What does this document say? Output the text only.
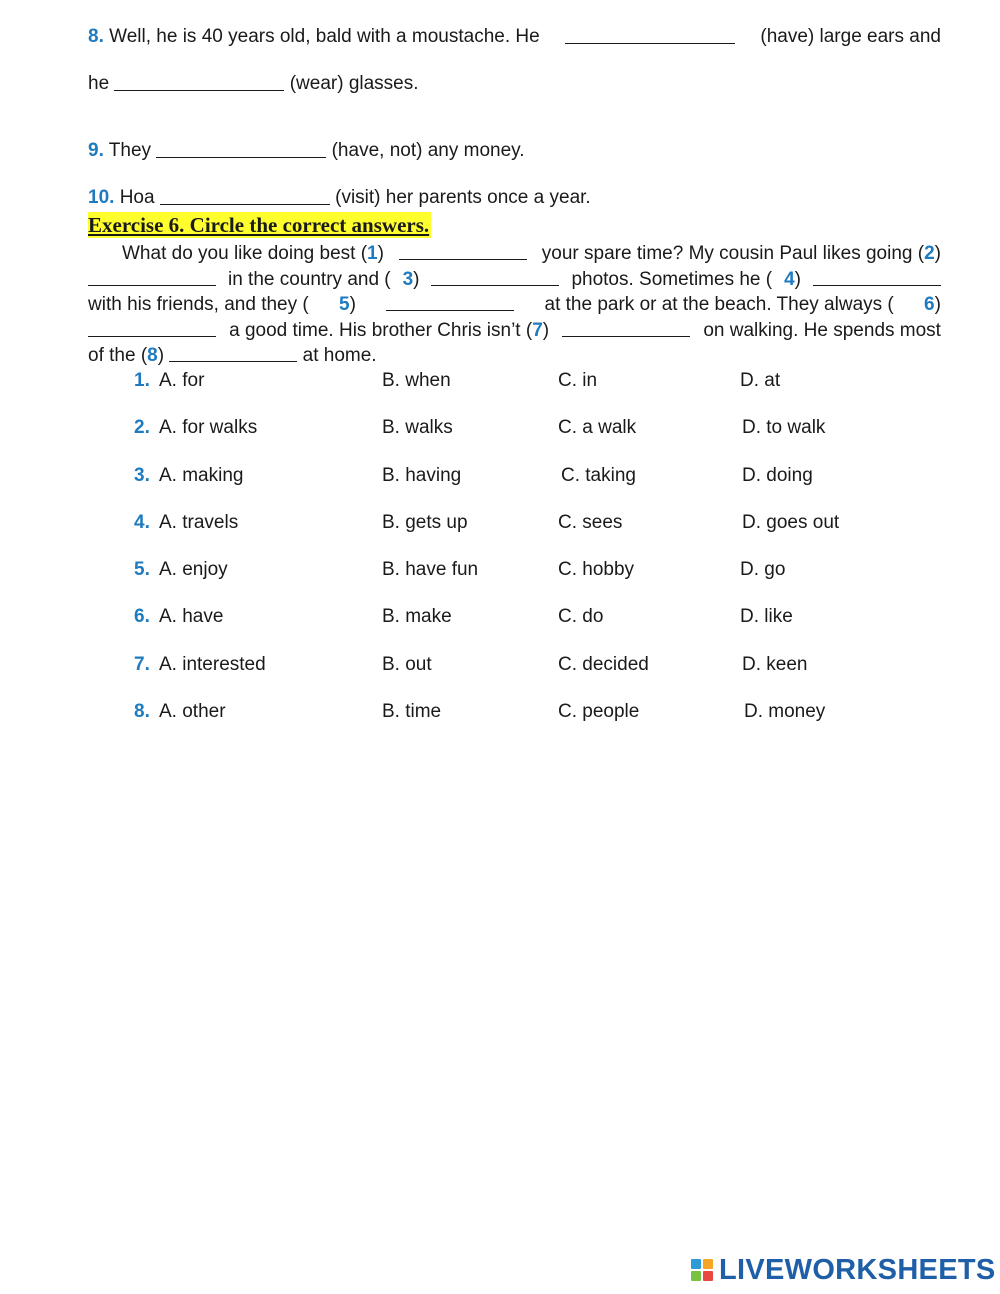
8. Well, he is 40 years old, bald with a moustache. He	(have) large ears and
he	(wear) glasses.
9. They	(have, not) any money.
10. Hoa	(visit) her parents once a year.
Exercise 6. Circle the correct answers.
What do you like doing best (1)	your spare time? My cousin Paul likes going (2)
in the country and ( 3)	photos. Sometimes he ( 4)
with his friends, and they ( 5)	at the park or at the beach. They always ( 6)
a good time. His brother Chris isn’t (7)	on walking. He spends most
of the (8)

	at home.
1. A. for	B. when	C. in	D. at
2. A. for walks	B. walks	C. a walk	D. to walk
3. A. making	B. having	C. taking	D. doing
4. A. travels	B. gets up	C. sees	D. goes out
5. A. enjoy	B. have fun	C. hobby	D. go
6. A. have	B. make	C. do	D. like
7. A. interested	B. out	C. decided	D. keen
8. A. other	B. time	C. people	D. money
LIVEWORKSHEETS
